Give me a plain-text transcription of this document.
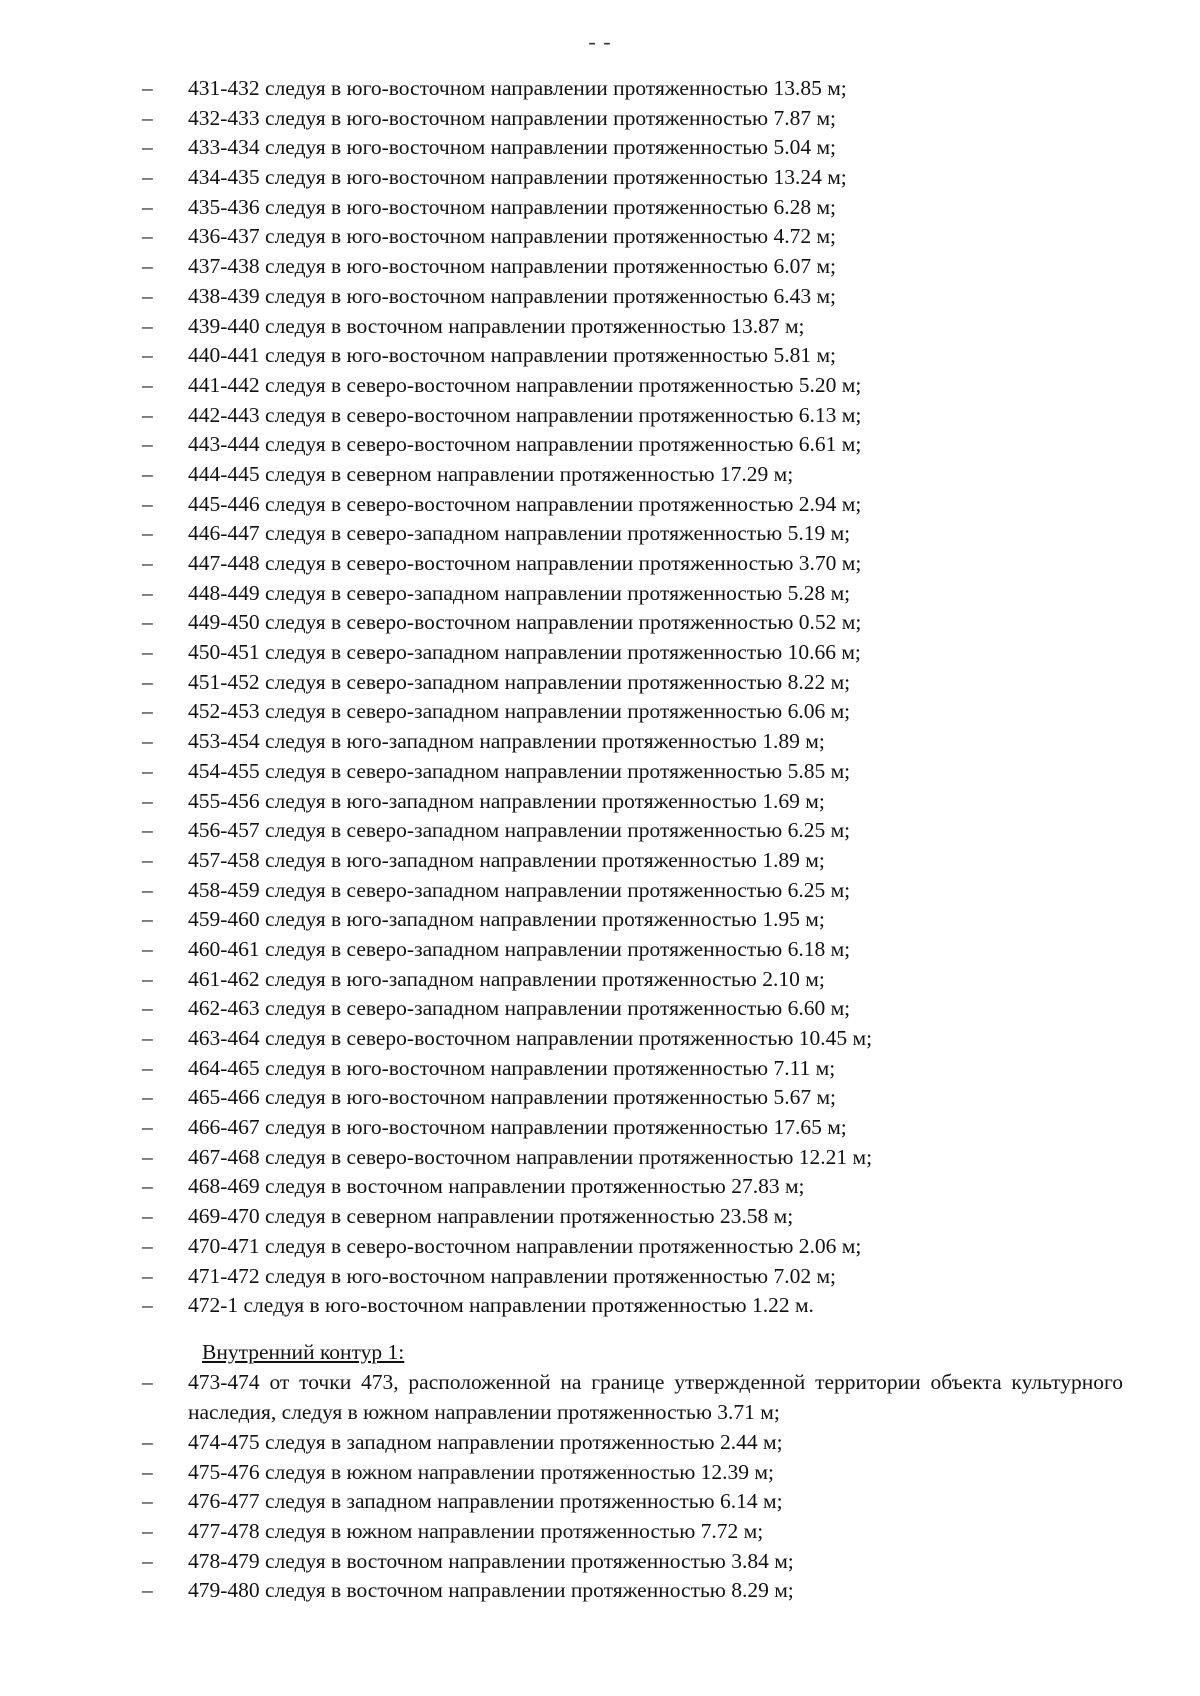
- -
– 431-432 следуя в юго-восточном направлении протяженностью 13.85 м;
– 432-433 следуя в юго-восточном направлении протяженностью 7.87 м;
– 433-434 следуя в юго-восточном направлении протяженностью 5.04 м;
– 434-435 следуя в юго-восточном направлении протяженностью 13.24 м;
– 435-436 следуя в юго-восточном направлении протяженностью 6.28 м;
– 436-437 следуя в юго-восточном направлении протяженностью 4.72 м;
– 437-438 следуя в юго-восточном направлении протяженностью 6.07 м;
– 438-439 следуя в юго-восточном направлении протяженностью 6.43 м;
– 439-440 следуя в восточном направлении протяженностью 13.87 м;
– 440-441 следуя в юго-восточном направлении протяженностью 5.81 м;
– 441-442 следуя в северо-восточном направлении протяженностью 5.20 м;
– 442-443 следуя в северо-восточном направлении протяженностью 6.13 м;
– 443-444 следуя в северо-восточном направлении протяженностью 6.61 м;
– 444-445 следуя в северном направлении протяженностью 17.29 м;
– 445-446 следуя в северо-восточном направлении протяженностью 2.94 м;
– 446-447 следуя в северо-западном направлении протяженностью 5.19 м;
– 447-448 следуя в северо-восточном направлении протяженностью 3.70 м;
– 448-449 следуя в северо-западном направлении протяженностью 5.28 м;
– 449-450 следуя в северо-восточном направлении протяженностью 0.52 м;
– 450-451 следуя в северо-западном направлении протяженностью 10.66 м;
– 451-452 следуя в северо-западном направлении протяженностью 8.22 м;
– 452-453 следуя в северо-западном направлении протяженностью 6.06 м;
– 453-454 следуя в юго-западном направлении протяженностью 1.89 м;
– 454-455 следуя в северо-западном направлении протяженностью 5.85 м;
– 455-456 следуя в юго-западном направлении протяженностью 1.69 м;
– 456-457 следуя в северо-западном направлении протяженностью 6.25 м;
– 457-458 следуя в юго-западном направлении протяженностью 1.89 м;
– 458-459 следуя в северо-западном направлении протяженностью 6.25 м;
– 459-460 следуя в юго-западном направлении протяженностью 1.95 м;
– 460-461 следуя в северо-западном направлении протяженностью 6.18 м;
– 461-462 следуя в юго-западном направлении протяженностью 2.10 м;
– 462-463 следуя в северо-западном направлении протяженностью 6.60 м;
– 463-464 следуя в северо-восточном направлении протяженностью 10.45 м;
– 464-465 следуя в юго-восточном направлении протяженностью 7.11 м;
– 465-466 следуя в юго-восточном направлении протяженностью 5.67 м;
– 466-467 следуя в юго-восточном направлении протяженностью 17.65 м;
– 467-468 следуя в северо-восточном направлении протяженностью 12.21 м;
– 468-469 следуя в восточном направлении протяженностью 27.83 м;
– 469-470 следуя в северном направлении протяженностью 23.58 м;
– 470-471 следуя в северо-восточном направлении протяженностью 2.06 м;
– 471-472 следуя в юго-восточном направлении протяженностью 7.02 м;
– 472-1 следуя в юго-восточном направлении протяженностью 1.22 м.
Внутренний контур 1:
– 473-474 от точки 473, расположенной на границе утвержденной территории объекта культурного наследия, следуя в южном направлении протяженностью 3.71 м;
– 474-475 следуя в западном направлении протяженностью 2.44 м;
– 475-476 следуя в южном направлении протяженностью 12.39 м;
– 476-477 следуя в западном направлении протяженностью 6.14 м;
– 477-478 следуя в южном направлении протяженностью 7.72 м;
– 478-479 следуя в восточном направлении протяженностью 3.84 м;
– 479-480 следуя в восточном направлении протяженностью 8.29 м;
